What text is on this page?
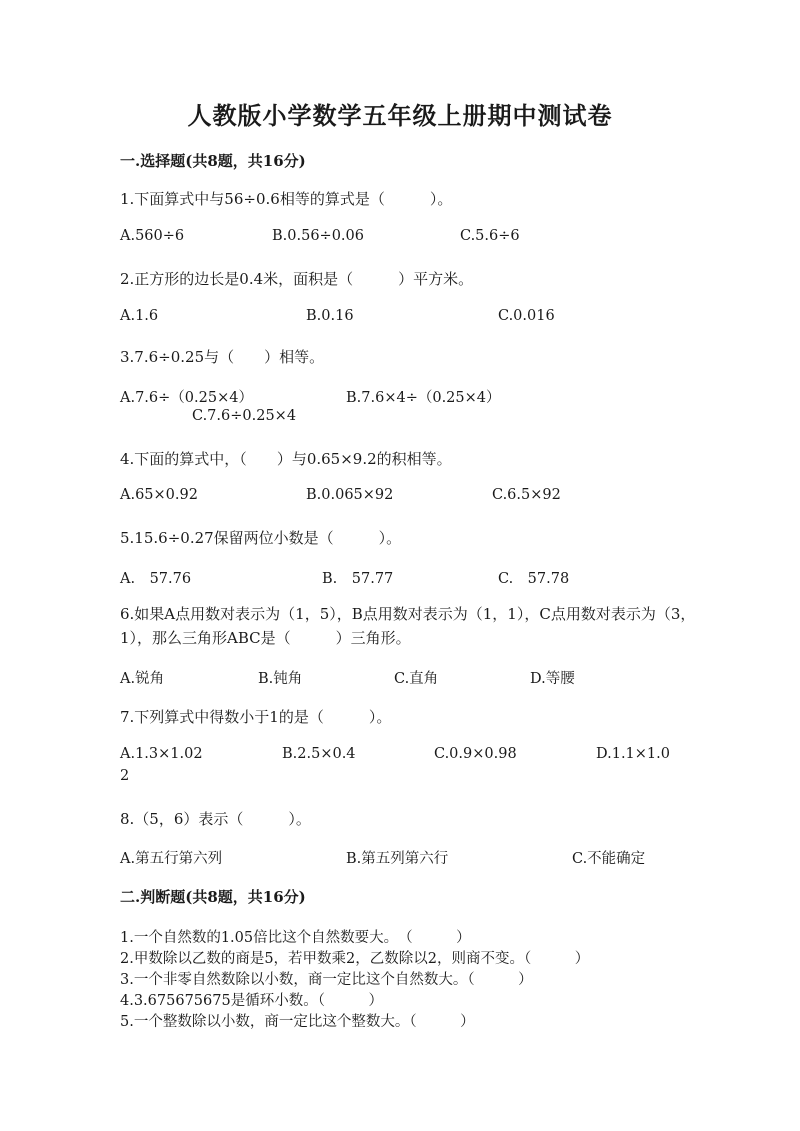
人教版小学数学五年级上册期中测试卷
一.选择题(共8题，共16分)
1.下面算式中与56÷0.6相等的算式是（　　　）。
A.560÷6	B.0.56÷0.06	C.5.6÷6
2.正方形的边长是0.4米，面积是（　　　）平方米。
A.1.6	B.0.16	C.0.016
3.7.6÷0.25与（　　）相等。
A.7.6÷（0.25×4）	B.7.6×4÷（0.25×4）
C.7.6÷0.25×4
4.下面的算式中，（　　）与0.65×9.2的积相等。
A.65×0.92	B.0.065×92	C.6.5×92
5.15.6÷0.27保留两位小数是（　　　）。
A.　57.76	B.　57.77	C.　57.78
6.如果A点用数对表示为（1，5），B点用数对表示为（1，1），C点用数对表示为（3，1），那么三角形ABC是（　　　）三角形。
A.锐角	B.钝角	C.直角	D.等腰
7.下列算式中得数小于1的是（　　　）。
A.1.3×1.02	B.2.5×0.4	C.0.9×0.98	D.1.1×1.0
2
8.（5，6）表示（　　　）。
A.第五行第六列	B.第五列第六行	C.不能确定
二.判断题(共8题，共16分)
1.一个自然数的1.05倍比这个自然数要大。　（　　　）
2.甲数除以乙数的商是5，若甲数乘2，乙数除以2，则商不变。（　　　）
3.一个非零自然数除以小数，商一定比这个自然数大。（　　　）
4.3.675675675是循环小数。（　　　）
5.一个整数除以小数，商一定比这个整数大。（　　　）
